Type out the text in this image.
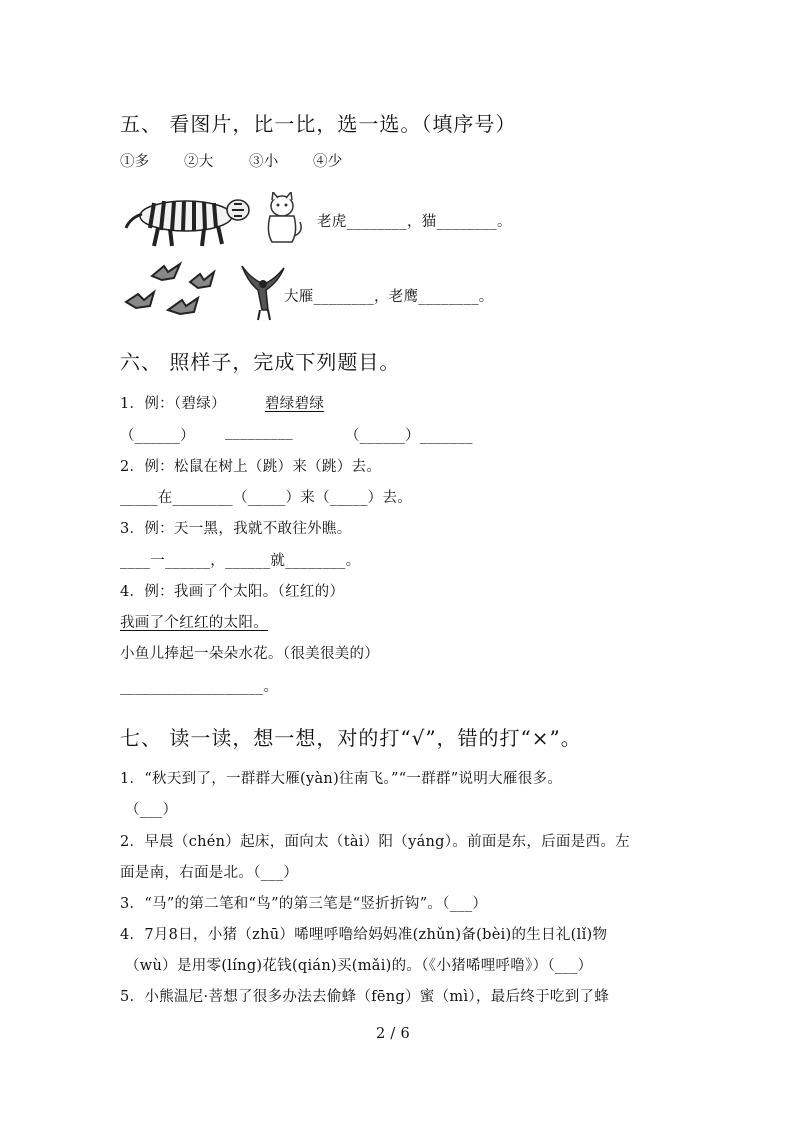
五、 看图片，比一比，选一选。（填序号）
①多 ②大 ③小 ④少
老虎________，猫________。
大雁________，老鹰________。
六、 照样子，完成下列题目。
1．例：（碧绿）	碧绿碧绿
（______） _________	（______）_______
2．例：松鼠在树上（跳）来（跳）去。
_____在________（_____）来（_____）去。
3．例：天一黑，我就不敢往外瞧。
____一______，______就________。
4．例：我画了个太阳。（红红的）
我画了个红红的太阳。
小鱼儿捧起一朵朵水花。（很美很美的）
___________________。
七、 读一读，想一想，对的打“√”，错的打“×”。
1．“秋天到了，一群群大雁(yàn)往南飞。”“一群群”说明大雁很多。
（___）
2．早晨（chén）起床，面向太（tài）阳（yáng）。前面是东，后面是西。左
面是南，右面是北。（___）
3．“马”的第二笔和“鸟”的第三笔是“竖折折钩”。（___）
4．7月8日，小猪（zhū）唏哩呼噜给妈妈准(zhǔn)备(bèi)的生日礼(lǐ)物
（wù）是用零(líng)花钱(qián)买(mǎi)的。（《小猪唏哩呼噜》）（___）
5．小熊温尼·菩想了很多办法去偷蜂（fēng）蜜（mì），最后终于吃到了蜂
2 / 6
